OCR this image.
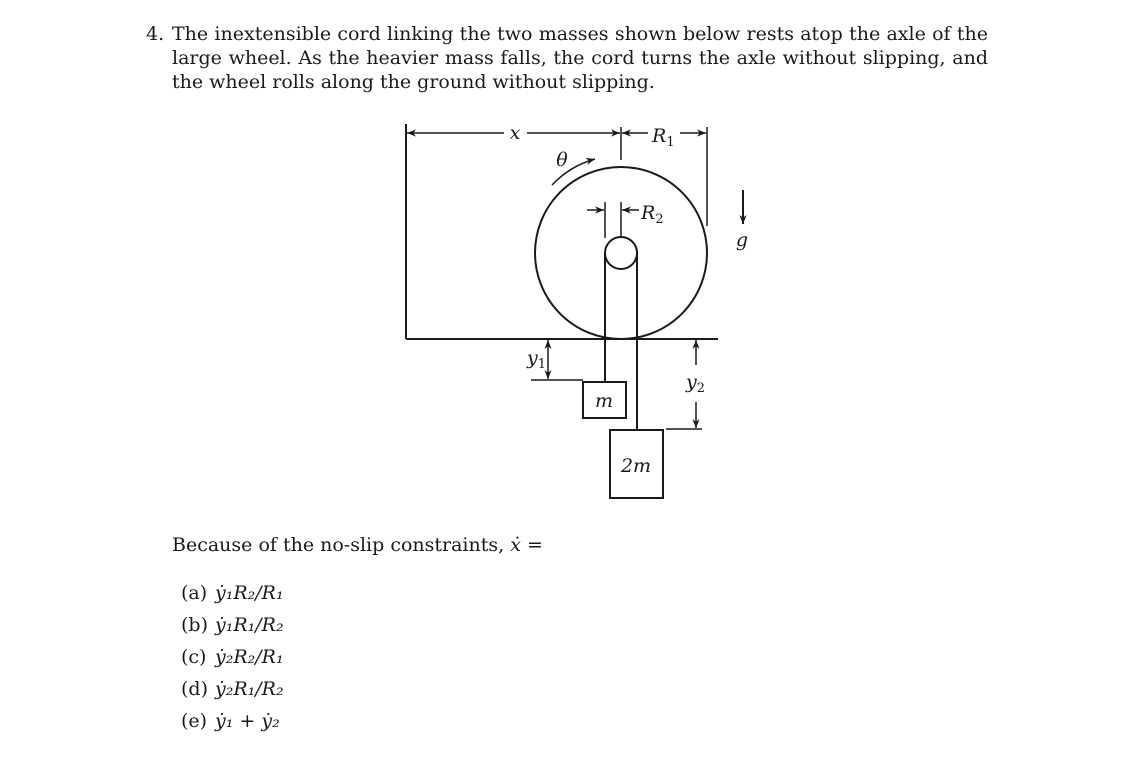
4. The inextensible cord linking the two masses shown below rests atop the axle of the large wheel. As the heavier mass falls, the cord turns the axle without slipping, and the wheel rolls along the ground without slipping.
m
2m
x	$R_1$
θ
$R_2$
g
$y_1$
$y_2$
Because of the no-slip constraints, ẋ =
(a) ẏ₁R₂/R₁
(b) ẏ₁R₁/R₂
(c) ẏ₂R₂/R₁
(d) ẏ₂R₁/R₂
(e) ẏ₁ + ẏ₂
